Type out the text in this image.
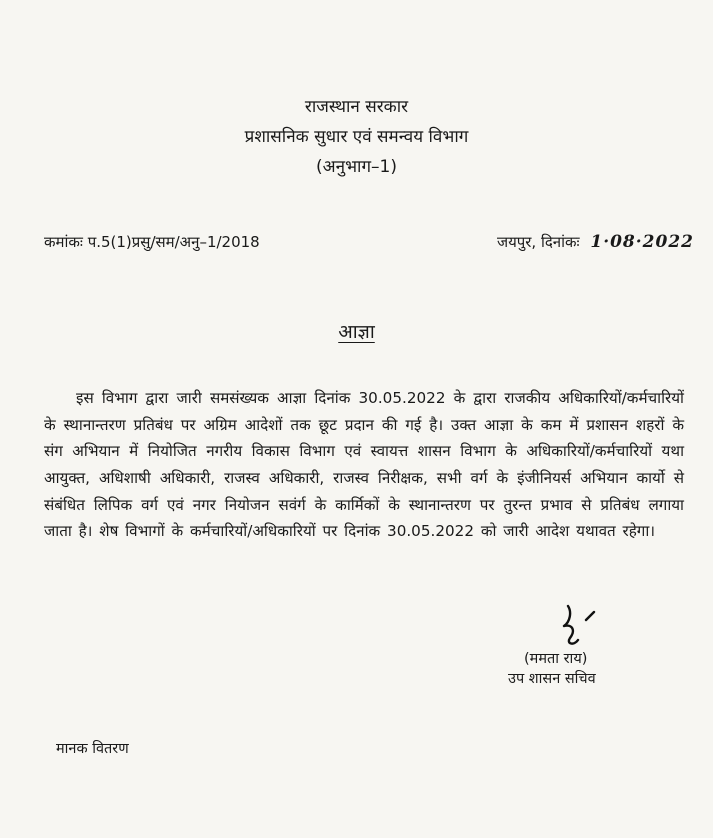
राजस्थान सरकार
प्रशासनिक सुधार एवं समन्वय विभाग
(अनुभाग–1)
कमांकः प.5(1)प्रसु/सम/अनु–1/2018	जयपुर, दिनांकः 1·08·2022
आज्ञा

इस विभाग द्वारा जारी समसंख्यक आज्ञा दिनांक 30.05.2022 के द्वारा राजकीय अधिकारियों/कर्मचारियों के स्थानान्तरण प्रतिबंध पर अग्रिम आदेशों तक छूट प्रदान की गई है। उक्त आज्ञा के कम में प्रशासन शहरों के संग अभियान में नियोजित नगरीय विकास विभाग एवं स्वायत्त शासन विभाग के अधिकारियों/कर्मचारियों यथा आयुक्त, अधिशाषी अधिकारी, राजस्व अधिकारी, राजस्व निरीक्षक, सभी वर्ग के इंजीनियर्स अभियान कार्यो से संबंधित लिपिक वर्ग एवं नगर नियोजन सवंर्ग के कार्मिकों के स्थानान्तरण पर तुरन्त प्रभाव से प्रतिबंध लगाया जाता है। शेष विभागों के कर्मचारियों/अधिकारियों पर दिनांक 30.05.2022 को जारी आदेश यथावत रहेगा।

(ममता राय)
उप शासन सचिव
मानक वितरण
